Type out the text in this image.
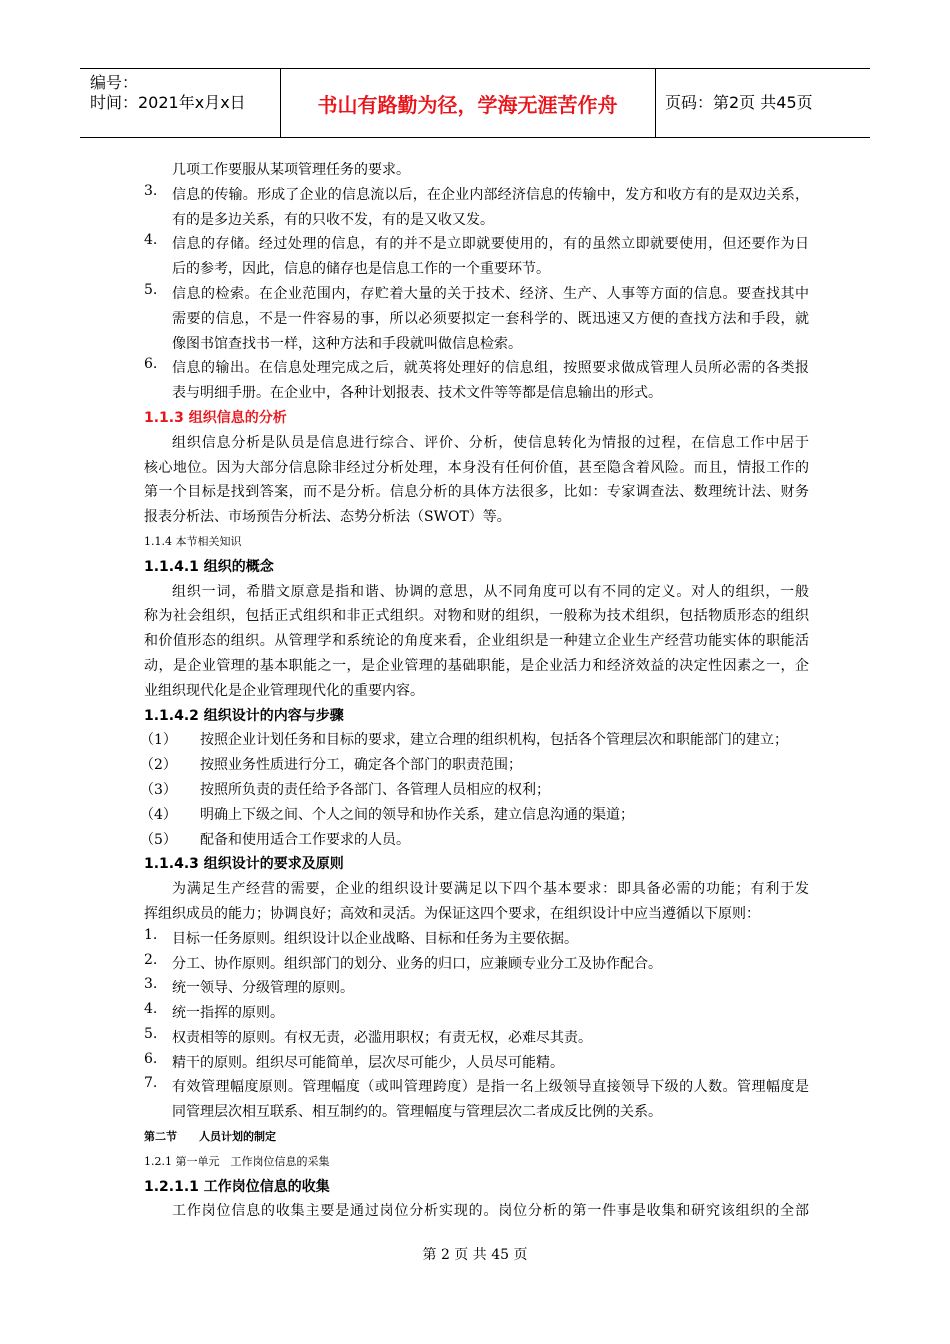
编号：
时间：2021年x月x日	书山有路勤为径，学海无涯苦作舟	页码：第2页 共45页
几项工作要服从某项管理任务的要求。
3.	信息的传输。形成了企业的信息流以后，在企业内部经济信息的传输中，发方和收方有的是双边关系，
有的是多边关系，有的只收不发，有的是又收又发。
4.	信息的存储。经过处理的信息，有的并不是立即就要使用的，有的虽然立即就要使用，但还要作为日
后的参考，因此，信息的储存也是信息工作的一个重要环节。
5.	信息的检索。在企业范围内，存贮着大量的关于技术、经济、生产、人事等方面的信息。要查找其中
需要的信息，不是一件容易的事，所以必须要拟定一套科学的、既迅速又方便的查找方法和手段，就
像图书馆查找书一样，这种方法和手段就叫做信息检索。
6.	信息的输出。在信息处理完成之后，就英将处理好的信息组，按照要求做成管理人员所必需的各类报
表与明细手册。在企业中，各种计划报表、技术文件等等都是信息输出的形式。
1.1.3 组织信息的分析
组织信息分析是队员是信息进行综合、评价、分析，使信息转化为情报的过程，在信息工作中居于
核心地位。因为大部分信息除非经过分析处理，本身没有任何价值，甚至隐含着风险。而且，情报工作的
第一个目标是找到答案，而不是分析。信息分析的具体方法很多，比如：专家调查法、数理统计法、财务
报表分析法、市场预告分析法、态势分析法（SWOT）等。
1.1.4 本节相关知识
1.1.4.1 组织的概念
组织一词，希腊文原意是指和谐、协调的意思，从不同角度可以有不同的定义。对人的组织，一般
称为社会组织，包括正式组织和非正式组织。对物和财的组织，一般称为技术组织，包括物质形态的组织
和价值形态的组织。从管理学和系统论的角度来看，企业组织是一种建立企业生产经营功能实体的职能活
动，是企业管理的基本职能之一，是企业管理的基础职能，是企业活力和经济效益的决定性因素之一，企
业组织现代化是企业管理现代化的重要内容。
1.1.4.2 组织设计的内容与步骤
（1）	按照企业计划任务和目标的要求，建立合理的组织机构，包括各个管理层次和职能部门的建立；
（2）	按照业务性质进行分工，确定各个部门的职责范围；
（3）	按照所负责的责任给予各部门、各管理人员相应的权利；
（4）	明确上下级之间、个人之间的领导和协作关系，建立信息沟通的渠道；
（5）	配备和使用适合工作要求的人员。
1.1.4.3 组织设计的要求及原则
为满足生产经营的需要，企业的组织设计要满足以下四个基本要求：即具备必需的功能；有利于发
挥组织成员的能力；协调良好；高效和灵活。为保证这四个要求，在组织设计中应当遵循以下原则：
1.	目标一任务原则。组织设计以企业战略、目标和任务为主要依据。
2.	分工、协作原则。组织部门的划分、业务的归口，应兼顾专业分工及协作配合。
3.	统一领导、分级管理的原则。
4.	统一指挥的原则。
5.	权责相等的原则。有权无责，必滥用职权；有责无权，必难尽其责。
6.	精干的原则。组织尽可能简单，层次尽可能少，人员尽可能精。
7.	有效管理幅度原则。管理幅度（或叫管理跨度）是指一名上级领导直接领导下级的人数。管理幅度是
同管理层次相互联系、相互制约的。管理幅度与管理层次二者成反比例的关系。
第二节　　人员计划的制定
1.2.1 第一单元　工作岗位信息的采集
1.2.1.1 工作岗位信息的收集
工作岗位信息的收集主要是通过岗位分析实现的。岗位分析的第一件事是收集和研究该组织的全部
第 2 页 共 45 页
